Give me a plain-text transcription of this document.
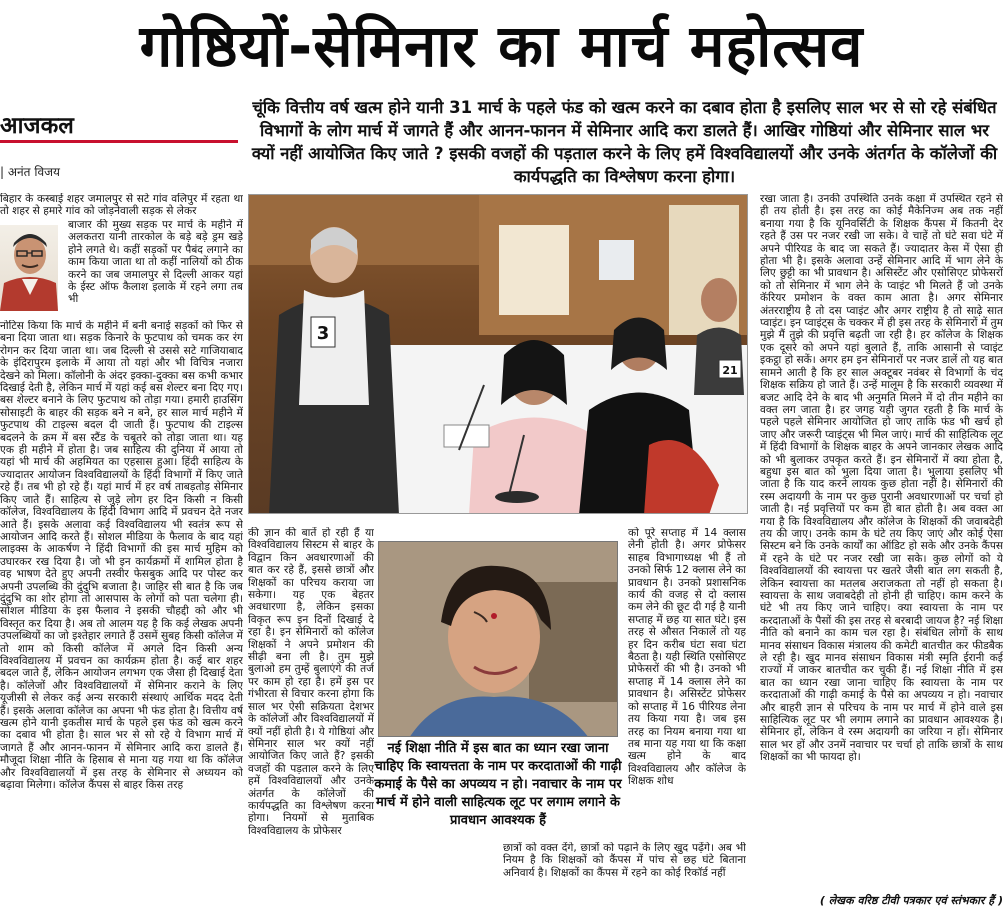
गोष्ठियों-सेमिनार का मार्च महोत्सव
आजकल
| अनंत विजय
चूंकि वित्तीय वर्ष खत्म होने यानी 31 मार्च के पहले फंड को खत्म करने का दबाव होता है इसलिए साल भर से सो रहे संबंधित विभागों के लोग मार्च में जागते हैं और आनन-फानन में सेमिनार आदि करा डालते हैं। आखिर गोष्ठियां और सेमिनार साल भर क्यों नहीं आयोजित किए जाते ? इसकी वजहों की पड़ताल करने के लिए हमें विश्वविद्यालयों और उनके अंतर्गत के कॉलेजों की कार्यपद्धति का विश्लेषण करना होगा।
बिहार के कस्बाई शहर जमालपुर से सटे गांव वलिपुर में रहता था तो शहर से हमारे गांव को जोड़नेवाली सड़क से लेकर
बाजार की मुख्य सड़क पर मार्च के महीने में अलकतरा यानी तारकोल के बड़े बड़े ड्रम खड़े होने लगते थे। कहीं सड़कों पर पैबंद लगाने का काम किया जाता था तो कहीं नालियों को ठीक करने का जब जमालपुर से दिल्ली आकर यहां के ईस्ट ऑफ कैलाश इलाके में रहने लगा तब भी
नोटिस किया कि मार्च के महीने में बनी बनाई सड़कों को फिर से बना दिया जाता था। सड़क किनारे के फुटपाथ को चमक कर रंग रोगन कर दिया जाता था। जब दिल्ली से उससे सटे गाजियाबाद के इंदिरापुरम इलाके में आया तो यहां और भी विचित्र नजारा देखने को मिला। कॉलोनी के अंदर इक्का-दुक्का बस कभी कभार दिखाई देती है, लेकिन मार्च में यहां कई बस शेल्टर बना दिए गए। बस शेल्टर बनाने के लिए फुटपाथ को तोड़ा गया। हमारी हाउसिंग सोसाइटी के बाहर की सड़क बने न बने, हर साल मार्च महीने में फुटपाथ की टाइल्स बदल दी जाती हैं। फुटपाथ की टाइल्स बदलने के क्रम में बस स्टैंड के चबूतरे को तोड़ा जाता था। यह एक ही महीने में होता है। जब साहित्य की दुनिया में आया तो यहां भी मार्च की अहमियत का एहसास हुआ। हिंदी साहित्य के ज्यादातर आयोजन विश्वविद्यालयों के हिंदी विभागों में किए जाते रहे हैं। तब भी हो रहे हैं। यहां मार्च में हर वर्ष ताबड़तोड़ सेमिनार किए जाते हैं। साहित्य से जुड़े लोग हर दिन किसी न किसी कॉलेज, विश्वविद्यालय के हिंदी विभाग आदि में प्रवचन देते नजर आते हैं। इसके अलावा कई विश्वविद्यालय भी स्वतंत्र रूप से आयोजन आदि करते हैं। सोशल मीडिया के फैलाव के बाद यहां लाइक्स के आकर्षण ने हिंदी विभागों की इस मार्च मुहिम को उघारकर रख दिया है। जो भी इन कार्यक्रमों में शामिल होता है वह भाषण देते हुए अपनी तस्वीर फेसबुक आदि पर पोस्ट कर अपनी उपलब्धि की दुंदुभि बजाता है। जाहिर सी बात है कि जब दुंदुभि का शोर होगा तो आसपास के लोगों को पता चलेगा ही। सोशल मीडिया के इस फैलाव ने इसकी चौहद्दी को और भी विस्तृत कर दिया है। अब तो आलम यह है कि कई लेखक अपनी उपलब्धियों का जो इश्तेहार लगाते हैं उसमें सुबह किसी कॉलेज में तो शाम को किसी कॉलेज में अगले दिन किसी अन्य विश्वविद्यालय में प्रवचन का कार्यक्रम होता है। कई बार शहर बदल जाते हैं, लेकिन आयोजन लगभग एक जैसा ही दिखाई देता है। कॉलेजों और विश्वविद्यालयों में सेमिनार कराने के लिए यूजीसी से लेकर कई अन्य सरकारी संस्थाएं आर्थिक मदद देती हैं। इसके अलावा कॉलेज का अपना भी फंड होता है। वित्तीय वर्ष खत्म होने यानी इकतीस मार्च के पहले इस फंड को खत्म करने का दबाव भी होता है। साल भर से सो रहे ये विभाग मार्च में जागते हैं और आनन-फानन में सेमिनार आदि करा डालते हैं। मौजूदा शिक्षा नीति के हिसाब से माना यह गया था कि कॉलेज और विश्वविद्यालयों में इस तरह के सेमिनार से अध्ययन को बढ़ावा मिलेगा। कॉलेज कैंपस से बाहर किस तरह
3
21
की ज्ञान की बातें हो रही हैं या विश्वविद्यालय सिस्टम से बाहर के विद्वान किन अवधारणाओं की बात कर रहे हैं, इससे छात्रों और शिक्षकों का परिचय कराया जा सकेगा। यह एक बेहतर अवधारणा है, लेकिन इसका विकृत रूप इन दिनों दिखाई दे रहा है। इन सेमिनारों को कॉलेज शिक्षकों ने अपने प्रमोशन की सीढ़ी बना ली है। तुम मुझे बुलाओ हम तुम्हें बुलाएंगे की तर्ज पर काम हो रहा है। हमें इस पर गंभीरता से विचार करना होगा कि साल भर ऐसी सक्रियता देशभर के कॉलेजों और विश्वविद्यालयों में क्यों नहीं होती है। ये गोष्ठियां और सेमिनार साल भर क्यों नहीं आयोजित किए जाते हैं? इसकी वजहों की पड़ताल करने के लिए हमें विश्वविद्यालयों और उनके अंतर्गत के कॉलेजों की कार्यपद्धति का विश्लेषण करना होगा। नियमों से मुताबिक विश्वविद्यालय के प्रोफेसर
नई शिक्षा नीति में इस बात का ध्यान रखा जाना चाहिए कि स्वायत्तता के नाम पर करदाताओं की गाढ़ी कमाई के पैसे का अपव्यय न हो। नवाचार के नाम पर मार्च में होने वाली साहित्यक लूट पर लगाम लगाने के प्रावधान आवश्यक हैं
को पूरे सप्ताह में 14 क्लास लेनी होती है। अगर प्रोफेसर साहब विभागाध्यक्ष भी हैं तो उनको सिर्फ 12 क्लास लेने का प्रावधान है। उनको प्रशासनिक कार्य की वजह से दो क्लास कम लेने की छूट दी गई है यानी सप्ताह में छह या सात घंटे। इस तरह से औसत निकालें तो यह हर दिन करीब घंटा सवा घंटा बैठता है। यही स्थिति एसोसिएट प्रोफेसरों की भी है। उनको भी सप्ताह में 14 क्लास लेने का प्रावधान है। असिस्टेंट प्रोफेसर को सप्ताह में 16 पीरियड लेना तय किया गया है। जब इस तरह का नियम बनाया गया था तब माना यह गया था कि कक्षा खत्म होने के बाद विश्वविद्यालय और कॉलेज के शिक्षक शोध
छात्रों को वक्त देंगे, छात्रों को पढ़ाने के लिए खुद पढ़ेंगे। अब भी नियम है कि शिक्षकों को कैंपस में पांच से छह घंटे बिताना अनिवार्य है। शिक्षकों का कैंपस में रहने का कोई रिकॉर्ड नहीं
रखा जाता है। उनकी उपस्थिति उनके कक्षा में उपस्थित रहने से ही तय होती है। इस तरह का कोई मैकेनिज्म अब तक नहीं बनाया गया है कि यूनिवर्सिटी के शिक्षक कैंपस में कितनी देर रहते हैं उस पर नजर रखी जा सके। वे चाहें तो घंटे सवा घंटे में अपने पीरियड के बाद जा सकते हैं। ज्यादातर केस में ऐसा ही होता भी है। इसके अलावा उन्हें सेमिनार आदि में भाग लेने के लिए छुट्टी का भी प्रावधान है। असिस्टेंट और एसोसिएट प्रोफेसरों को तो सेमिनार में भाग लेने के प्वाइंट भी मिलते हैं जो उनके कॅरियर प्रमोशन के वक्त काम आता है। अगर सेमिनार अंतरराष्ट्रीय है तो दस प्वाइंट और अगर राष्ट्रीय है तो साढ़े सात प्वाइंट। इन प्वाइंट्स के चक्कर में ही इस तरह के सेमिनारों में तुम मुझे मैं तुझे की प्रवृत्ति बढ़ती जा रही है। हर कॉलेज के शिक्षक एक दूसरे को अपने यहां बुलाते हैं, ताकि आसानी से प्वाइंट इकट्ठा हो सकें। अगर हम इन सेमिनारों पर नजर डालें तो यह बात सामने आती है कि हर साल अक्टूबर नवंबर से विभागों के चंद शिक्षक सक्रिय हो जाते हैं। उन्हें मालूम है कि सरकारी व्यवस्था में बजट आदि देने के बाद भी अनुमति मिलने में दो तीन महीने का वक्त लग जाता है। हर जगह यही जुगत रहती है कि मार्च के पहले पहले सेमिनार आयोजित हो जाए ताकि फंड भी खर्च हो जाए और जरूरी प्वाइंट्स भी मिल जाएं। मार्च की साहित्यिक लूट में हिंदी विभागों के शिक्षक बाहर के अपने जानकार लेखक आदि को भी बुलाकर उपकृत करते हैं। इन सेमिनारों में क्या होता है, बहुधा इस बात को भुला दिया जाता है। भुलाया इसलिए भी जाता है कि याद करने लायक कुछ होता नहीं है। सेमिनारों की रस्म अदायगी के नाम पर कुछ पुरानी अवधारणाओं पर चर्चा हो जाती है। नई प्रवृत्तियों पर कम ही बात होती है। अब वक्त आ गया है कि विश्वविद्यालय और कॉलेज के शिक्षकों की जवाबदेही तय की जाए। उनके काम के घंटे तय किए जाएं और कोई ऐसा सिस्टम बने कि उनके कार्यों का ऑडिट हो सके और उनके कैंपस में रहने के घंटे पर नजर रखी जा सके। कुछ लोगों को ये विश्वविद्यालयों की स्वायत्ता पर खतरे जैसी बात लग सकती है, लेकिन स्वायत्ता का मतलब अराजकता तो नहीं हो सकता है। स्वायत्ता के साथ जवाबदेही तो होनी ही चाहिए। काम करने के घंटे भी तय किए जाने चाहिए। क्या स्वायत्ता के नाम पर करदाताओं के पैसों की इस तरह से बरबादी जायज है? नई शिक्षा नीति को बनाने का काम चल रहा है। संबंधित लोगों के साथ मानव संसाधन विकास मंत्रालय की कमेटी बातचीत कर फीडबैक ले रही है। खुद मानव संसाधन विकास मंत्री स्मृति ईरानी कई राज्यों में जाकर बातचीत कर चुकी हैं। नई शिक्षा नीति में इस बात का ध्यान रखा जाना चाहिए कि स्वायत्ता के नाम पर करदाताओं की गाढ़ी कमाई के पैसे का अपव्यय न हो। नवाचार और बाहरी ज्ञान से परिचय के नाम पर मार्च में होने वाले इस साहित्यिक लूट पर भी लगाम लगाने का प्रावधान आवश्यक है। सेमिनार हों, लेकिन वे रस्म अदायगी का जरिया न हों। सेमिनार साल भर हों और उनमें नवाचार पर चर्चा हो ताकि छात्रों के साथ शिक्षकों का भी फायदा हो।
( लेखक वरिष्ठ टीवी पत्रकार एवं स्तंभकार हैं )
